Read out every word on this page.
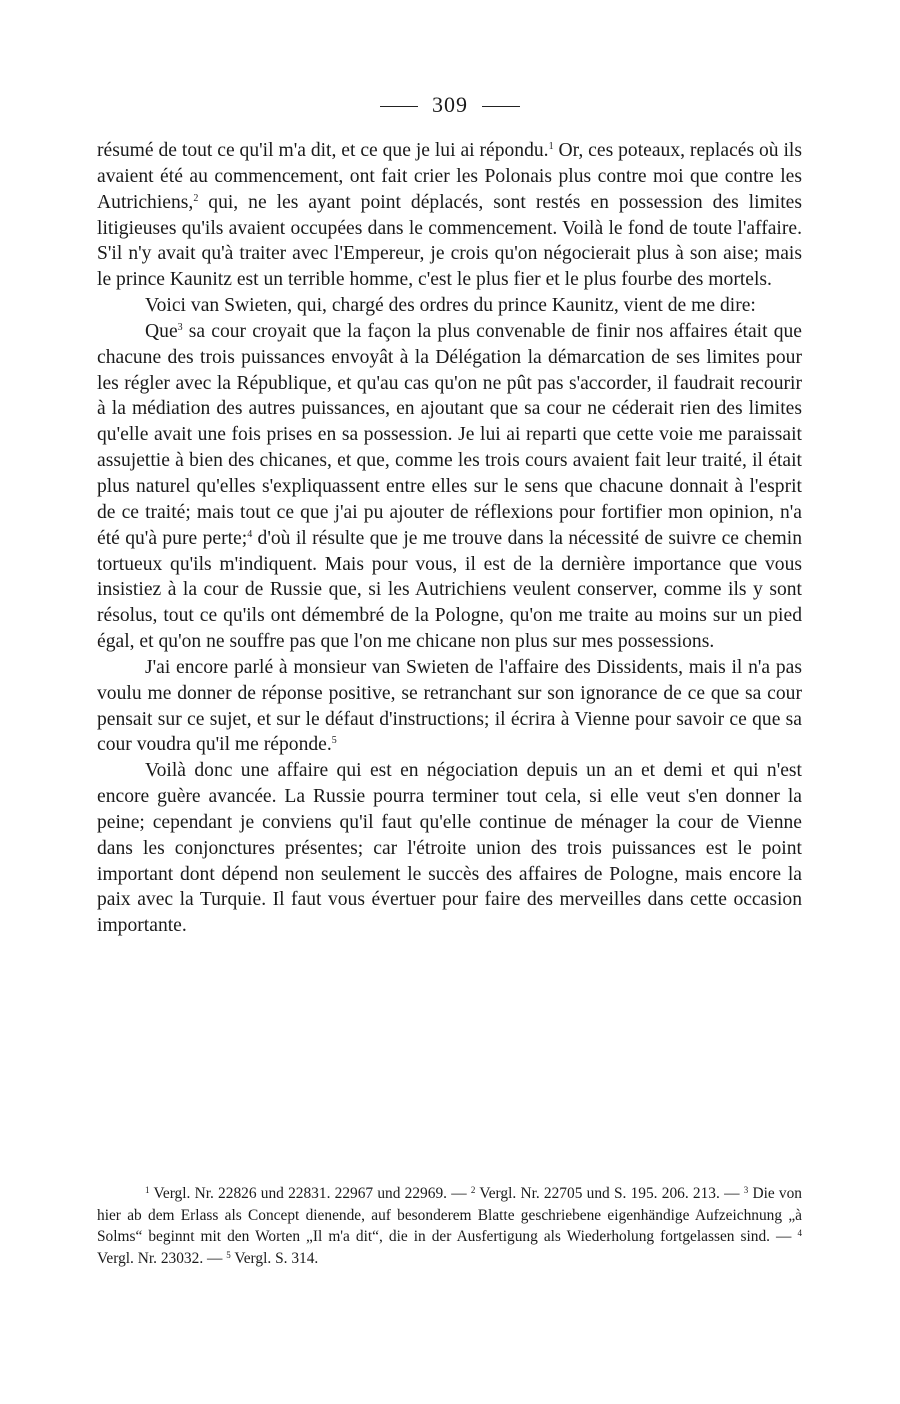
309

résumé de tout ce qu'il m'a dit, et ce que je lui ai répondu.$^1$ Or, ces poteaux, replacés où ils avaient été au commencement, ont fait crier les Polonais plus contre moi que contre les Autrichiens,$^2$ qui, ne les ayant point déplacés, sont restés en possession des limites litigieuses qu'ils avaient occupées dans le commencement. Voilà le fond de toute l'affaire. S'il n'y avait qu'à traiter avec l'Empereur, je crois qu'on négocierait plus à son aise; mais le prince Kaunitz est un terrible homme, c'est le plus fier et le plus fourbe des mortels.

Voici van Swieten, qui, chargé des ordres du prince Kaunitz, vient de me dire:

Que$^3$ sa cour croyait que la façon la plus convenable de finir nos affaires était que chacune des trois puissances envoyât à la Délégation la démarcation de ses limites pour les régler avec la République, et qu'au cas qu'on ne pût pas s'accorder, il faudrait recourir à la médiation des autres puissances, en ajoutant que sa cour ne céderait rien des limites qu'elle avait une fois prises en sa possession. Je lui ai reparti que cette voie me paraissait assujettie à bien des chicanes, et que, comme les trois cours avaient fait leur traité, il était plus naturel qu'elles s'expliquassent entre elles sur le sens que chacune donnait à l'esprit de ce traité; mais tout ce que j'ai pu ajouter de réflexions pour fortifier mon opinion, n'a été qu'à pure perte;$^4$ d'où il résulte que je me trouve dans la nécessité de suivre ce chemin tortueux qu'ils m'indiquent. Mais pour vous, il est de la dernière importance que vous insistiez à la cour de Russie que, si les Autrichiens veulent conserver, comme ils y sont résolus, tout ce qu'ils ont démembré de la Pologne, qu'on me traite au moins sur un pied égal, et qu'on ne souffre pas que l'on me chicane non plus sur mes possessions.

J'ai encore parlé à monsieur van Swieten de l'affaire des Dissidents, mais il n'a pas voulu me donner de réponse positive, se retranchant sur son ignorance de ce que sa cour pensait sur ce sujet, et sur le défaut d'instructions; il écrira à Vienne pour savoir ce que sa cour voudra qu'il me réponde.$^5$

Voilà donc une affaire qui est en négociation depuis un an et demi et qui n'est encore guère avancée. La Russie pourra terminer tout cela, si elle veut s'en donner la peine; cependant je conviens qu'il faut qu'elle continue de ménager la cour de Vienne dans les conjonctures présentes; car l'étroite union des trois puissances est le point important dont dépend non seulement le succès des affaires de Pologne, mais encore la paix avec la Turquie. Il faut vous évertuer pour faire des merveilles dans cette occasion importante.

$^1$ Vergl. Nr. 22826 und 22831. 22967 und 22969. — $^2$ Vergl. Nr. 22705 und S. 195. 206. 213. — $^3$ Die von hier ab dem Erlass als Concept dienende, auf besonderem Blatte geschriebene eigenhändige Aufzeichnung „à Solms“ beginnt mit den Worten „Il m'a dit“, die in der Ausfertigung als Wiederholung fortgelassen sind. — $^4$ Vergl. Nr. 23032. — $^5$ Vergl. S. 314.
